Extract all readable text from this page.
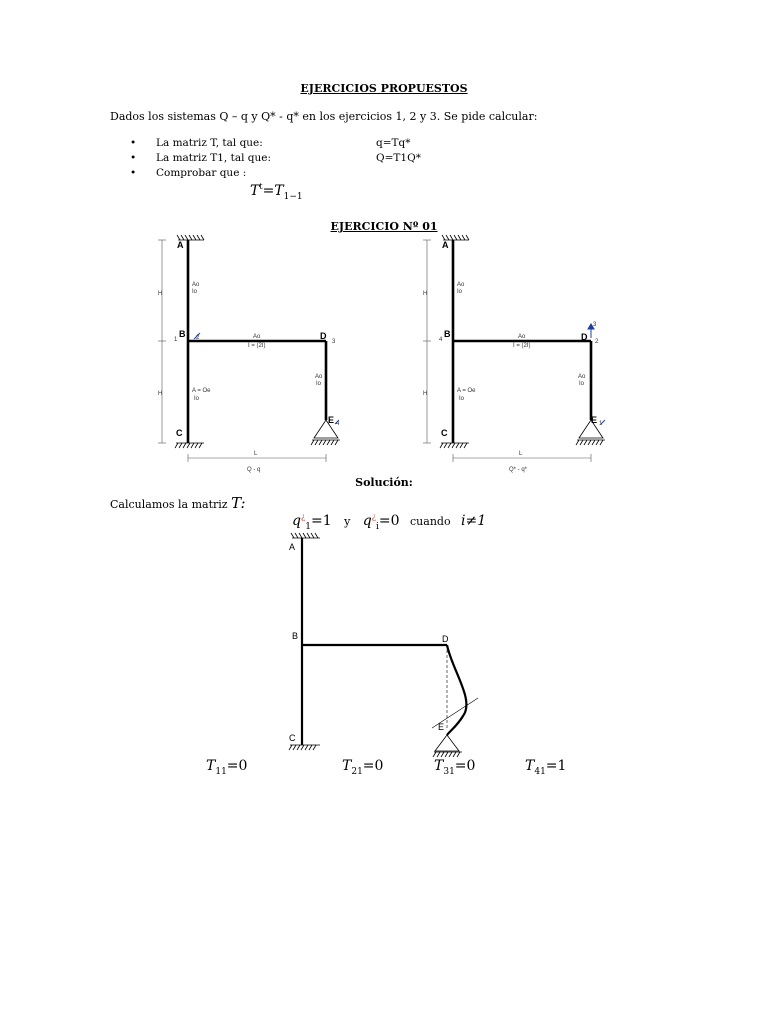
EJERCICIOS PROPUESTOS
Dados los sistemas Q – q y Q* - q* en los ejercicios 1, 2 y 3. Se pide calcular:
• La matriz T, tal que:	q=Tq*
• La matriz T1, tal que:	Q=T1Q*
• Comprobar que :
$T^t=T_{1-1}$
EJERCICIO Nº 01
A
B
C
D
E
H
H
L
Ao
Io
Ao
I = (2I)
A = Oe
Io
Ao
Io
1	2
3
4
Q - q
A
B
C
D
E
H
H
L
Ao
Io
Ao
I = (2I)
A = Oe
Io
Ao
Io
4	2
3
1
Q* - q*
Solución:
Calculamos la matriz T:
$q^¿_1=1$ y $q^¿_i=0$ cuando i≠1
A
B
C
D
E
$T_{11}=0$	$T_{21}=0$	$T_{31}=0$	$T_{41}=1$
